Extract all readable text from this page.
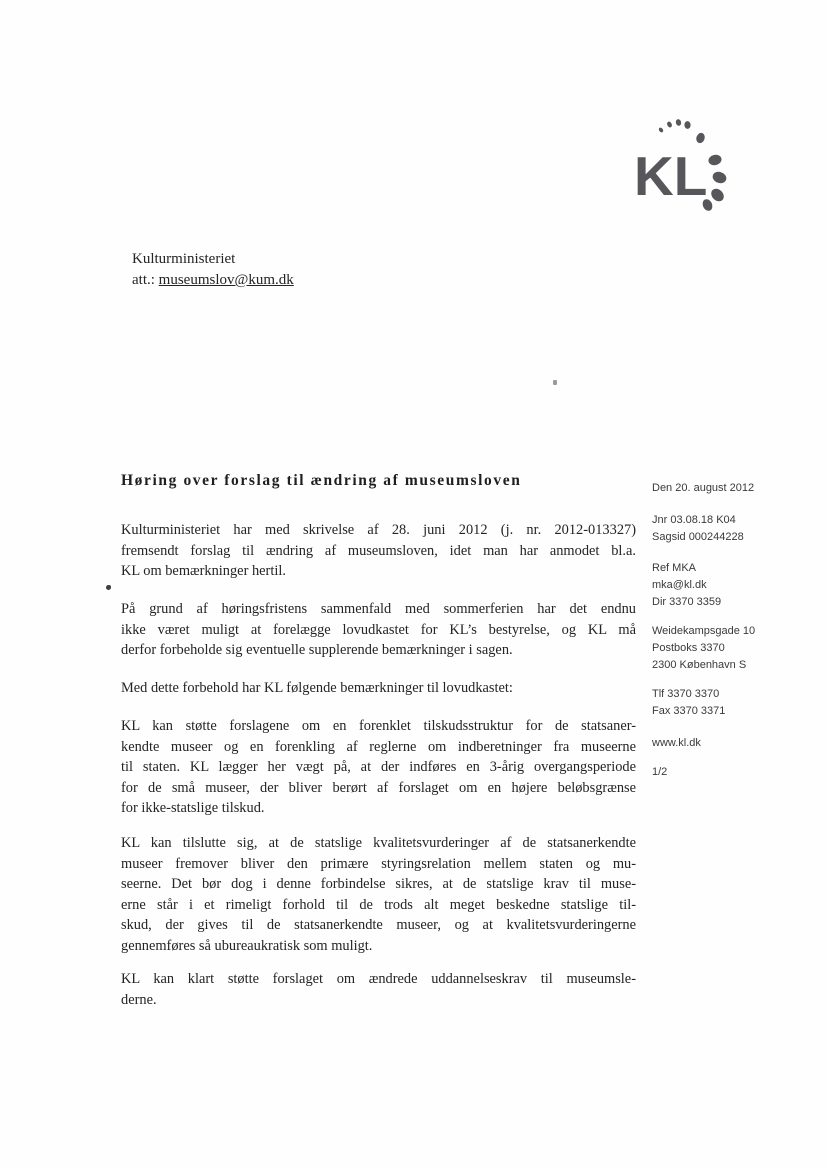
KL
Kulturministeriet
att.: museumslov@kum.dk
Høring over forslag til ændring af museumsloven	Den 20. august 2012
Jnr 03.08.18 K04
Sagsid 000244228
Ref MKA
mka@kl.dk
Dir 3370 3359
Weidekampsgade 10
Postboks 3370
2300 København S
Tlf 3370 3370
Fax 3370 3371
www.kl.dk
1/2
Kulturministeriet har med skrivelse af 28. juni 2012 (j. nr. 2012-013327)
fremsendt forslag til ændring af museumsloven, idet man har anmodet bl.a.
KL om bemærkninger hertil.
På grund af høringsfristens sammenfald med sommerferien har det endnu
ikke været muligt at forelægge lovudkastet for KL’s bestyrelse, og KL må
derfor forbeholde sig eventuelle supplerende bemærkninger i sagen.
Med dette forbehold har KL følgende bemærkninger til lovudkastet:
KL kan støtte forslagene om en forenklet tilskudsstruktur for de statsaner-
kendte museer og en forenkling af reglerne om indberetninger fra museerne
til staten. KL lægger her vægt på, at der indføres en 3-årig overgangsperiode
for de små museer, der bliver berørt af forslaget om en højere beløbsgrænse
for ikke-statslige tilskud.
KL kan tilslutte sig, at de statslige kvalitetsvurderinger af de statsanerkendte
museer fremover bliver den primære styringsrelation mellem staten og mu-
seerne. Det bør dog i denne forbindelse sikres, at de statslige krav til muse-
erne står i et rimeligt forhold til de trods alt meget beskedne statslige til-
skud, der gives til de statsanerkendte museer, og at kvalitetsvurderingerne
gennemføres så ubureaukratisk som muligt.
KL kan klart støtte forslaget om ændrede uddannelseskrav til museumsle-
derne.
